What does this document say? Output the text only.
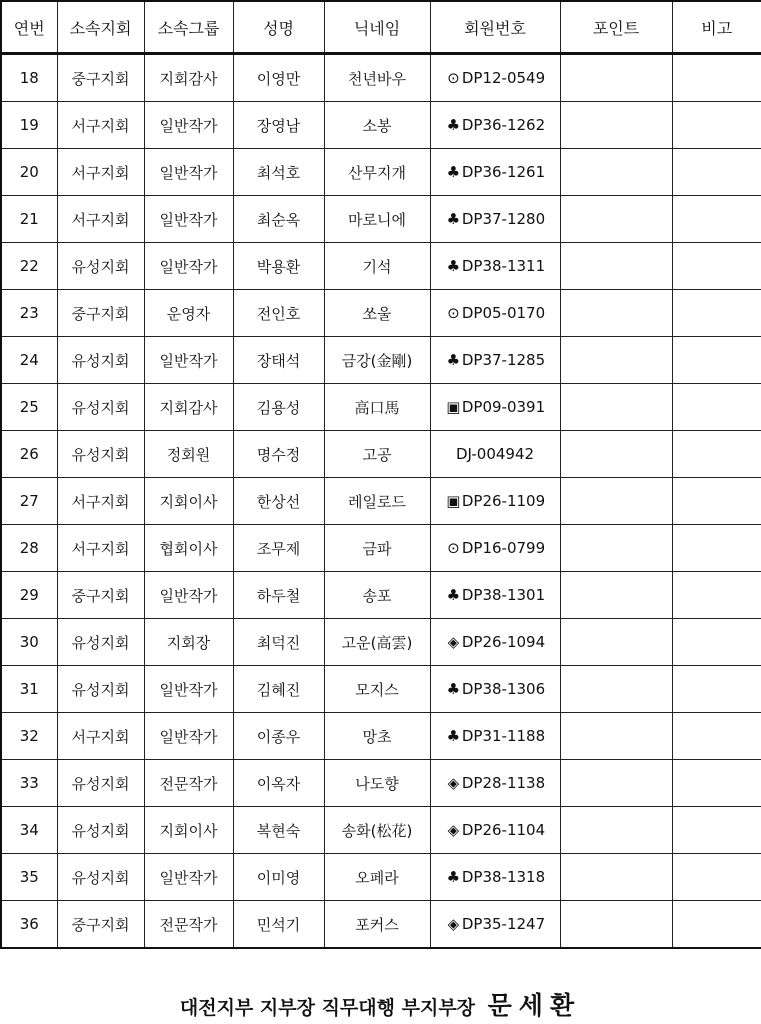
연번	소속지회	소속그룹	성명	닉네임	회원번호	포인트	비고
18	중구지회	지회감사	이영만	천년바우	⊙ DP12-0549		
19	서구지회	일반작가	장영남	소봉	♣ DP36-1262		
20	서구지회	일반작가	최석호	산무지개	♣ DP36-1261		
21	서구지회	일반작가	최순옥	마로니에	♣ DP37-1280		
22	유성지회	일반작가	박용환	기석	♣ DP38-1311		
23	중구지회	운영자	전인호	쏘울	⊙ DP05-0170		
24	유성지회	일반작가	장태석	금강(金剛)	♣ DP37-1285		
25	유성지회	지회감사	김용성	高口馬	▣DP09-0391		
26	유성지회	정회원	명수정	고공	DJ-004942		
27	서구지회	지회이사	한상선	레일로드	▣DP26-1109		
28	서구지회	협회이사	조무제	금파	⊙ DP16-0799		
29	중구지회	일반작가	하두철	송포	♣ DP38-1301		
30	유성지회	지회장	최덕진	고운(高雲)	◈ DP26-1094		
31	유성지회	일반작가	김혜진	모지스	♣ DP38-1306		
32	서구지회	일반작가	이종우	망초	♣ DP31-1188		
33	유성지회	전문작가	이옥자	나도향	◈ DP28-1138		
34	유성지회	지회이사	복현숙	송화(松花)	◈ DP26-1104		
35	유성지회	일반작가	이미영	오페라	♣ DP38-1318		
36	중구지회	전문작가	민석기	포커스	◈ DP35-1247		
대전지부 지부장 직무대행 부지부장 문세환
